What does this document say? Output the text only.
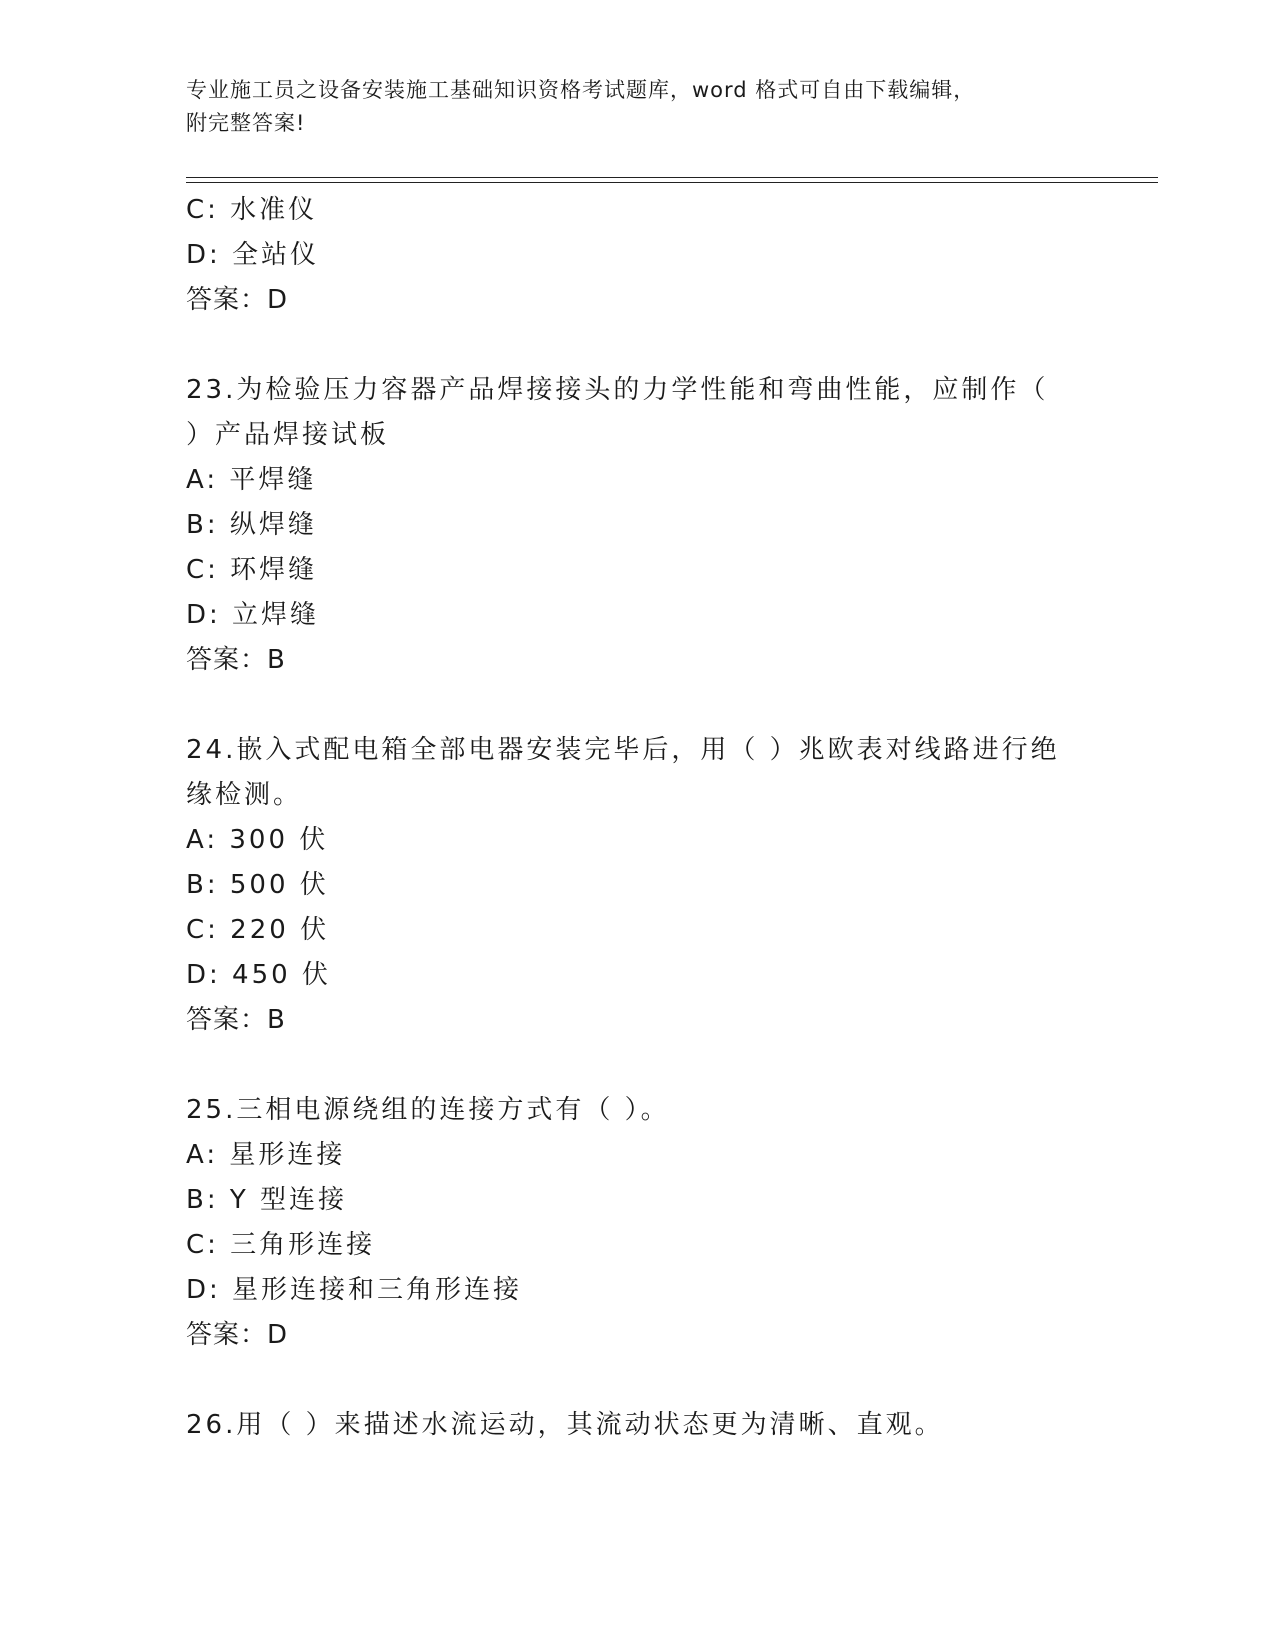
专业施工员之设备安装施工基础知识资格考试题库，word 格式可自由下载编辑，
附完整答案!
C: 水准仪
D: 全站仪
答案：D
23.为检验压力容器产品焊接接头的力学性能和弯曲性能，应制作（
）产品焊接试板
A: 平焊缝
B: 纵焊缝
C: 环焊缝
D: 立焊缝
答案：B
24.嵌入式配电箱全部电器安装完毕后，用（ ）兆欧表对线路进行绝
缘检测。
A: 300 伏
B: 500 伏
C: 220 伏
D: 450 伏
答案：B
25.三相电源绕组的连接方式有（ ）。
A: 星形连接
B: Y 型连接
C: 三角形连接
D: 星形连接和三角形连接
答案：D
26.用（ ）来描述水流运动，其流动状态更为清晰、直观。
